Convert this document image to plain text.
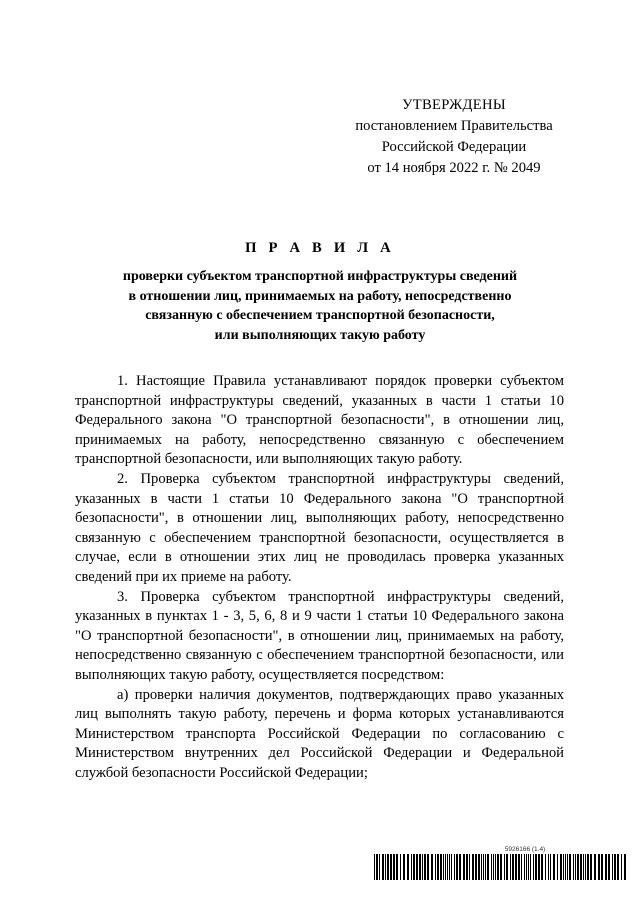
УТВЕРЖДЕНЫ
постановлением Правительства
Российской Федерации
от 14 ноября 2022 г. № 2049
П Р А В И Л А
проверки субъектом транспортной инфраструктуры сведений
в отношении лиц, принимаемых на работу, непосредственно
связанную с обеспечением транспортной безопасности,
или выполняющих такую работу

1. Настоящие Правила устанавливают порядок проверки субъектом транспортной инфраструктуры сведений, указанных в части 1 статьи 10 Федерального закона "О транспортной безопасности", в отношении лиц, принимаемых на работу, непосредственно связанную с обеспечением транспортной безопасности, или выполняющих такую работу.

2. Проверка субъектом транспортной инфраструктуры сведений, указанных в части 1 статьи 10 Федерального закона "О транспортной безопасности", в отношении лиц, выполняющих работу, непосредственно связанную с обеспечением транспортной безопасности, осуществляется в случае, если в отношении этих лиц не проводилась проверка указанных сведений при их приеме на работу.

3. Проверка субъектом транспортной инфраструктуры сведений, указанных в пунктах 1 - 3, 5, 6, 8 и 9 части 1 статьи 10 Федерального закона "О транспортной безопасности", в отношении лиц, принимаемых на работу, непосредственно связанную с обеспечением транспортной безопасности, или выполняющих такую работу, осуществляется посредством:

а) проверки наличия документов, подтверждающих право указанных лиц выполнять такую работу, перечень и форма которых устанавливаются Министерством транспорта Российской Федерации по согласованию с Министерством внутренних дел Российской Федерации и Федеральной службой безопасности Российской Федерации;

5926166 (1.4)
